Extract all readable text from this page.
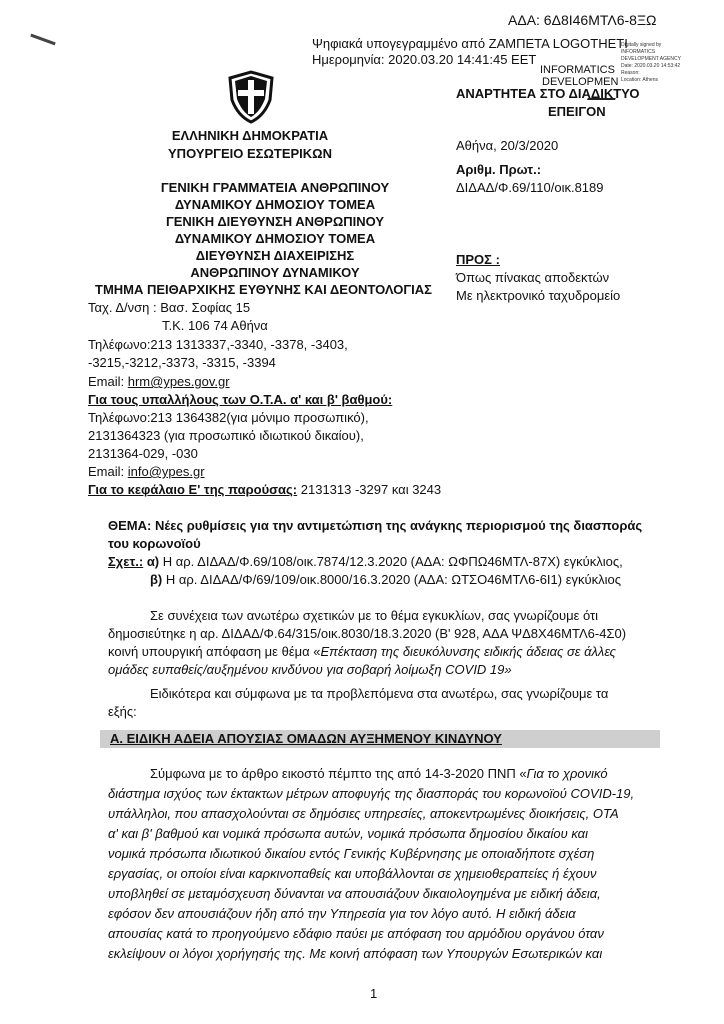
ΑΔΑ: 6Δ8Ι46ΜΤΛ6-8ΞΩ
Ψηφιακά υπογεγραμμένο από ΖΑΜΠΕΤΑ LOGOTHETI
Ημερομηνία: 2020.03.20 14:41:45 EET
INFORMATICS
DEVELOPMEN
Digitally signed by
INFORMATICS
DEVELOPMENT AGENCY
Date: 2020.03.20 14:53:42
Reason:
Location: Athens
ΑΝΑΡΤΗΤΕΑ ΣΤΟ ΔΙΑΔΙΚΤΥΟ
ΕΠΕΙΓΟΝ
ΕΛΛΗΝΙΚΗ ΔΗΜΟΚΡΑΤΙΑ
ΥΠΟΥΡΓΕΙΟ ΕΣΩΤΕΡΙΚΩΝ
ΓΕΝΙΚΗ ΓΡΑΜΜΑΤΕΙΑ ΑΝΘΡΩΠΙΝΟΥ
ΔΥΝΑΜΙΚΟΥ ΔΗΜΟΣΙΟΥ ΤΟΜΕΑ
ΓΕΝΙΚΗ ΔΙΕΥΘΥΝΣΗ ΑΝΘΡΩΠΙΝΟΥ
ΔΥΝΑΜΙΚΟΥ ΔΗΜΟΣΙΟΥ ΤΟΜΕΑ
ΔΙΕΥΘΥΝΣΗ ΔΙΑΧΕΙΡΙΣΗΣ
ΑΝΘΡΩΠΙΝΟΥ ΔΥΝΑΜΙΚΟΥ
ΤΜΗΜΑ ΠΕΙΘΑΡΧΙΚΗΣ ΕΥΘΥΝΗΣ ΚΑΙ ΔΕΟΝΤΟΛΟΓΙΑΣ
Αθήνα, 20/3/2020
Αριθμ. Πρωτ.:
ΔΙΔΑΔ/Φ.69/110/οικ.8189
ΠΡΟΣ :
Όπως πίνακας αποδεκτών
Με ηλεκτρονικό ταχυδρομείο
Ταχ. Δ/νση : Βασ. Σοφίας 15
Τ.Κ. 106 74 Αθήνα
Τηλέφωνο:213 1313337,-3340, -3378, -3403,
-3215,-3212,-3373, -3315, -3394
Email: hrm@ypes.gov.gr
Για τους υπαλλήλους των Ο.Τ.Α. α' και β' βαθμού:
Τηλέφωνο:213 1364382(για μόνιμο προσωπικό),
2131364323 (για προσωπικό ιδιωτικού δικαίου),
2131364-029, -030
Email: info@ypes.gr
Για το κεφάλαιο Ε' της παρούσας: 2131313 -3297 και 3243
ΘΕΜΑ: Νέες ρυθμίσεις για την αντιμετώπιση της ανάγκης περιορισμού της διασποράς
του κορωνοϊού
Σχετ.: α) Η αρ. ΔΙΔΑΔ/Φ.69/108/οικ.7874/12.3.2020 (ΑΔΑ: ΩΦΠΩ46ΜΤΛ-87Χ) εγκύκλιος,
β) Η αρ. ΔΙΔΑΔ/Φ/69/109/οικ.8000/16.3.2020 (ΑΔΑ: ΩΤΣΟ46ΜΤΛ6-6Ι1) εγκύκλιος
Σε συνέχεια των ανωτέρω σχετικών με το θέμα εγκυκλίων, σας γνωρίζουμε ότι
δημοσιεύτηκε η αρ. ΔΙΔΑΔ/Φ.64/315/οικ.8030/18.3.2020 (Β' 928, ΑΔΑ ΨΔ8Χ46ΜΤΛ6-4Σ0)
κοινή υπουργική απόφαση με θέμα «Επέκταση της διευκόλυνσης ειδικής άδειας σε άλλες
ομάδες ευπαθείς/αυξημένου κινδύνου για σοβαρή λοίμωξη COVID 19»
Ειδικότερα και σύμφωνα με τα προβλεπόμενα στα ανωτέρω, σας γνωρίζουμε τα
εξής:
Α. ΕΙΔΙΚΗ ΑΔΕΙΑ ΑΠΟΥΣΙΑΣ ΟΜΑΔΩΝ ΑΥΞΗΜΕΝΟΥ ΚΙΝΔΥΝΟΥ
Σύμφωνα με το άρθρο εικοστό πέμπτο της από 14-3-2020 ΠΝΠ «Για το χρονικό
διάστημα ισχύος των έκτακτων μέτρων αποφυγής της διασποράς του κορωνοϊού COVID-19,
υπάλληλοι, που απασχολούνται σε δημόσιες υπηρεσίες, αποκεντρωμένες διοικήσεις, ΟΤΑ
α' και β' βαθμού και νομικά πρόσωπα αυτών, νομικά πρόσωπα δημοσίου δικαίου και
νομικά πρόσωπα ιδιωτικού δικαίου εντός Γενικής Κυβέρνησης με οποιαδήποτε σχέση
εργασίας, οι οποίοι είναι καρκινοπαθείς και υποβάλλονται σε χημειοθεραπείες ή έχουν
υποβληθεί σε μεταμόσχευση δύνανται να απουσιάζουν δικαιολογημένα με ειδική άδεια,
εφόσον δεν απουσιάζουν ήδη από την Υπηρεσία για τον λόγο αυτό. Η ειδική άδεια
απουσίας κατά το προηγούμενο εδάφιο παύει με απόφαση του αρμόδιου οργάνου όταν
εκλείψουν οι λόγοι χορήγησής της. Με κοινή απόφαση των Υπουργών Εσωτερικών και
1
